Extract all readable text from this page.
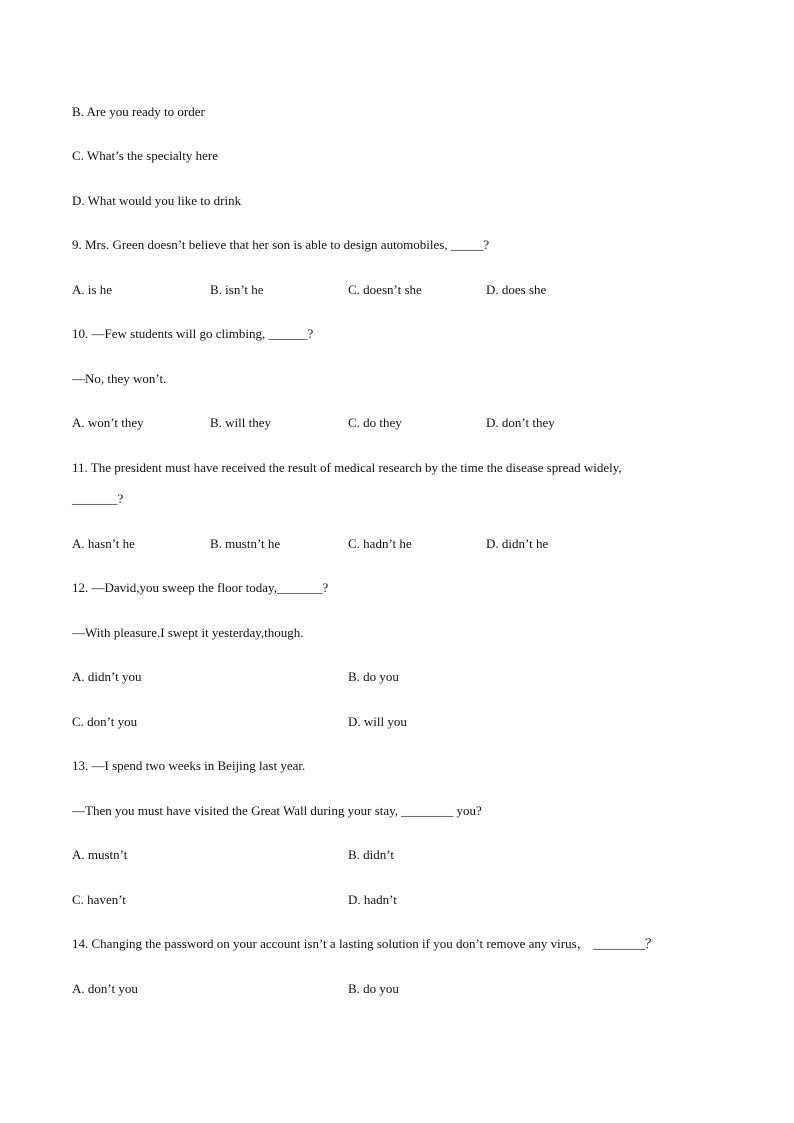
B. Are you ready to order
C. What’s the specialty here
D. What would you like to drink
9. Mrs. Green doesn’t believe that her son is able to design automobiles, _____?
A. is he	B. isn’t he	C. doesn’t she	D. does she
10. —Few students will go climbing, ______?
—No, they won’t.
A. won’t they	B. will they	C. do they	D. don’t they
11. The president must have received the result of medical research by the time the disease spread widely,
_______?
A. hasn’t he	B. mustn’t he	C. hadn’t he	D. didn’t he
12. —David,you sweep the floor today,_______?
—With pleasure.I swept it yesterday,though.
A. didn’t you	B. do you
C. don’t you	D. will you
13. —I spend two weeks in Beijing last year.
—Then you must have visited the Great Wall during your stay, ________ you?
A. mustn’t	B. didn’t
C. haven’t	D. hadn’t
14. Changing the password on your account isn’t a lasting solution if you don’t remove any virus， ________？
A. don’t you	B. do you
